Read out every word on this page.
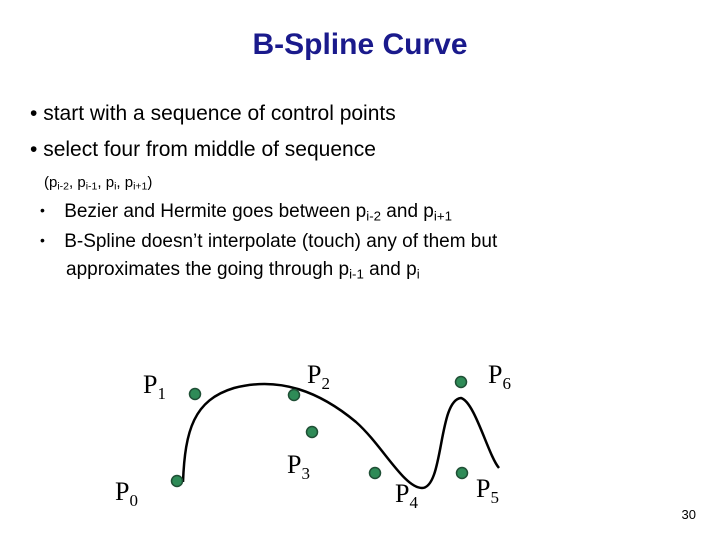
B-Spline Curve
• start with a sequence of control points
• select four from middle of sequence
($p_{i-2}$, $p_{i-1}$, $p_i$, $p_{i+1}$)
• Bezier and Hermite goes between $p_{i-2}$ and $p_{i+1}$
• B-Spline doesn’t interpolate (touch) any of them but
approximates the going through $p_{i-1}$ and $p_i$
$P_0$
$P_1$
$P_2$
$P_3$
$P_4$ $P_5$
$P_6$
30
